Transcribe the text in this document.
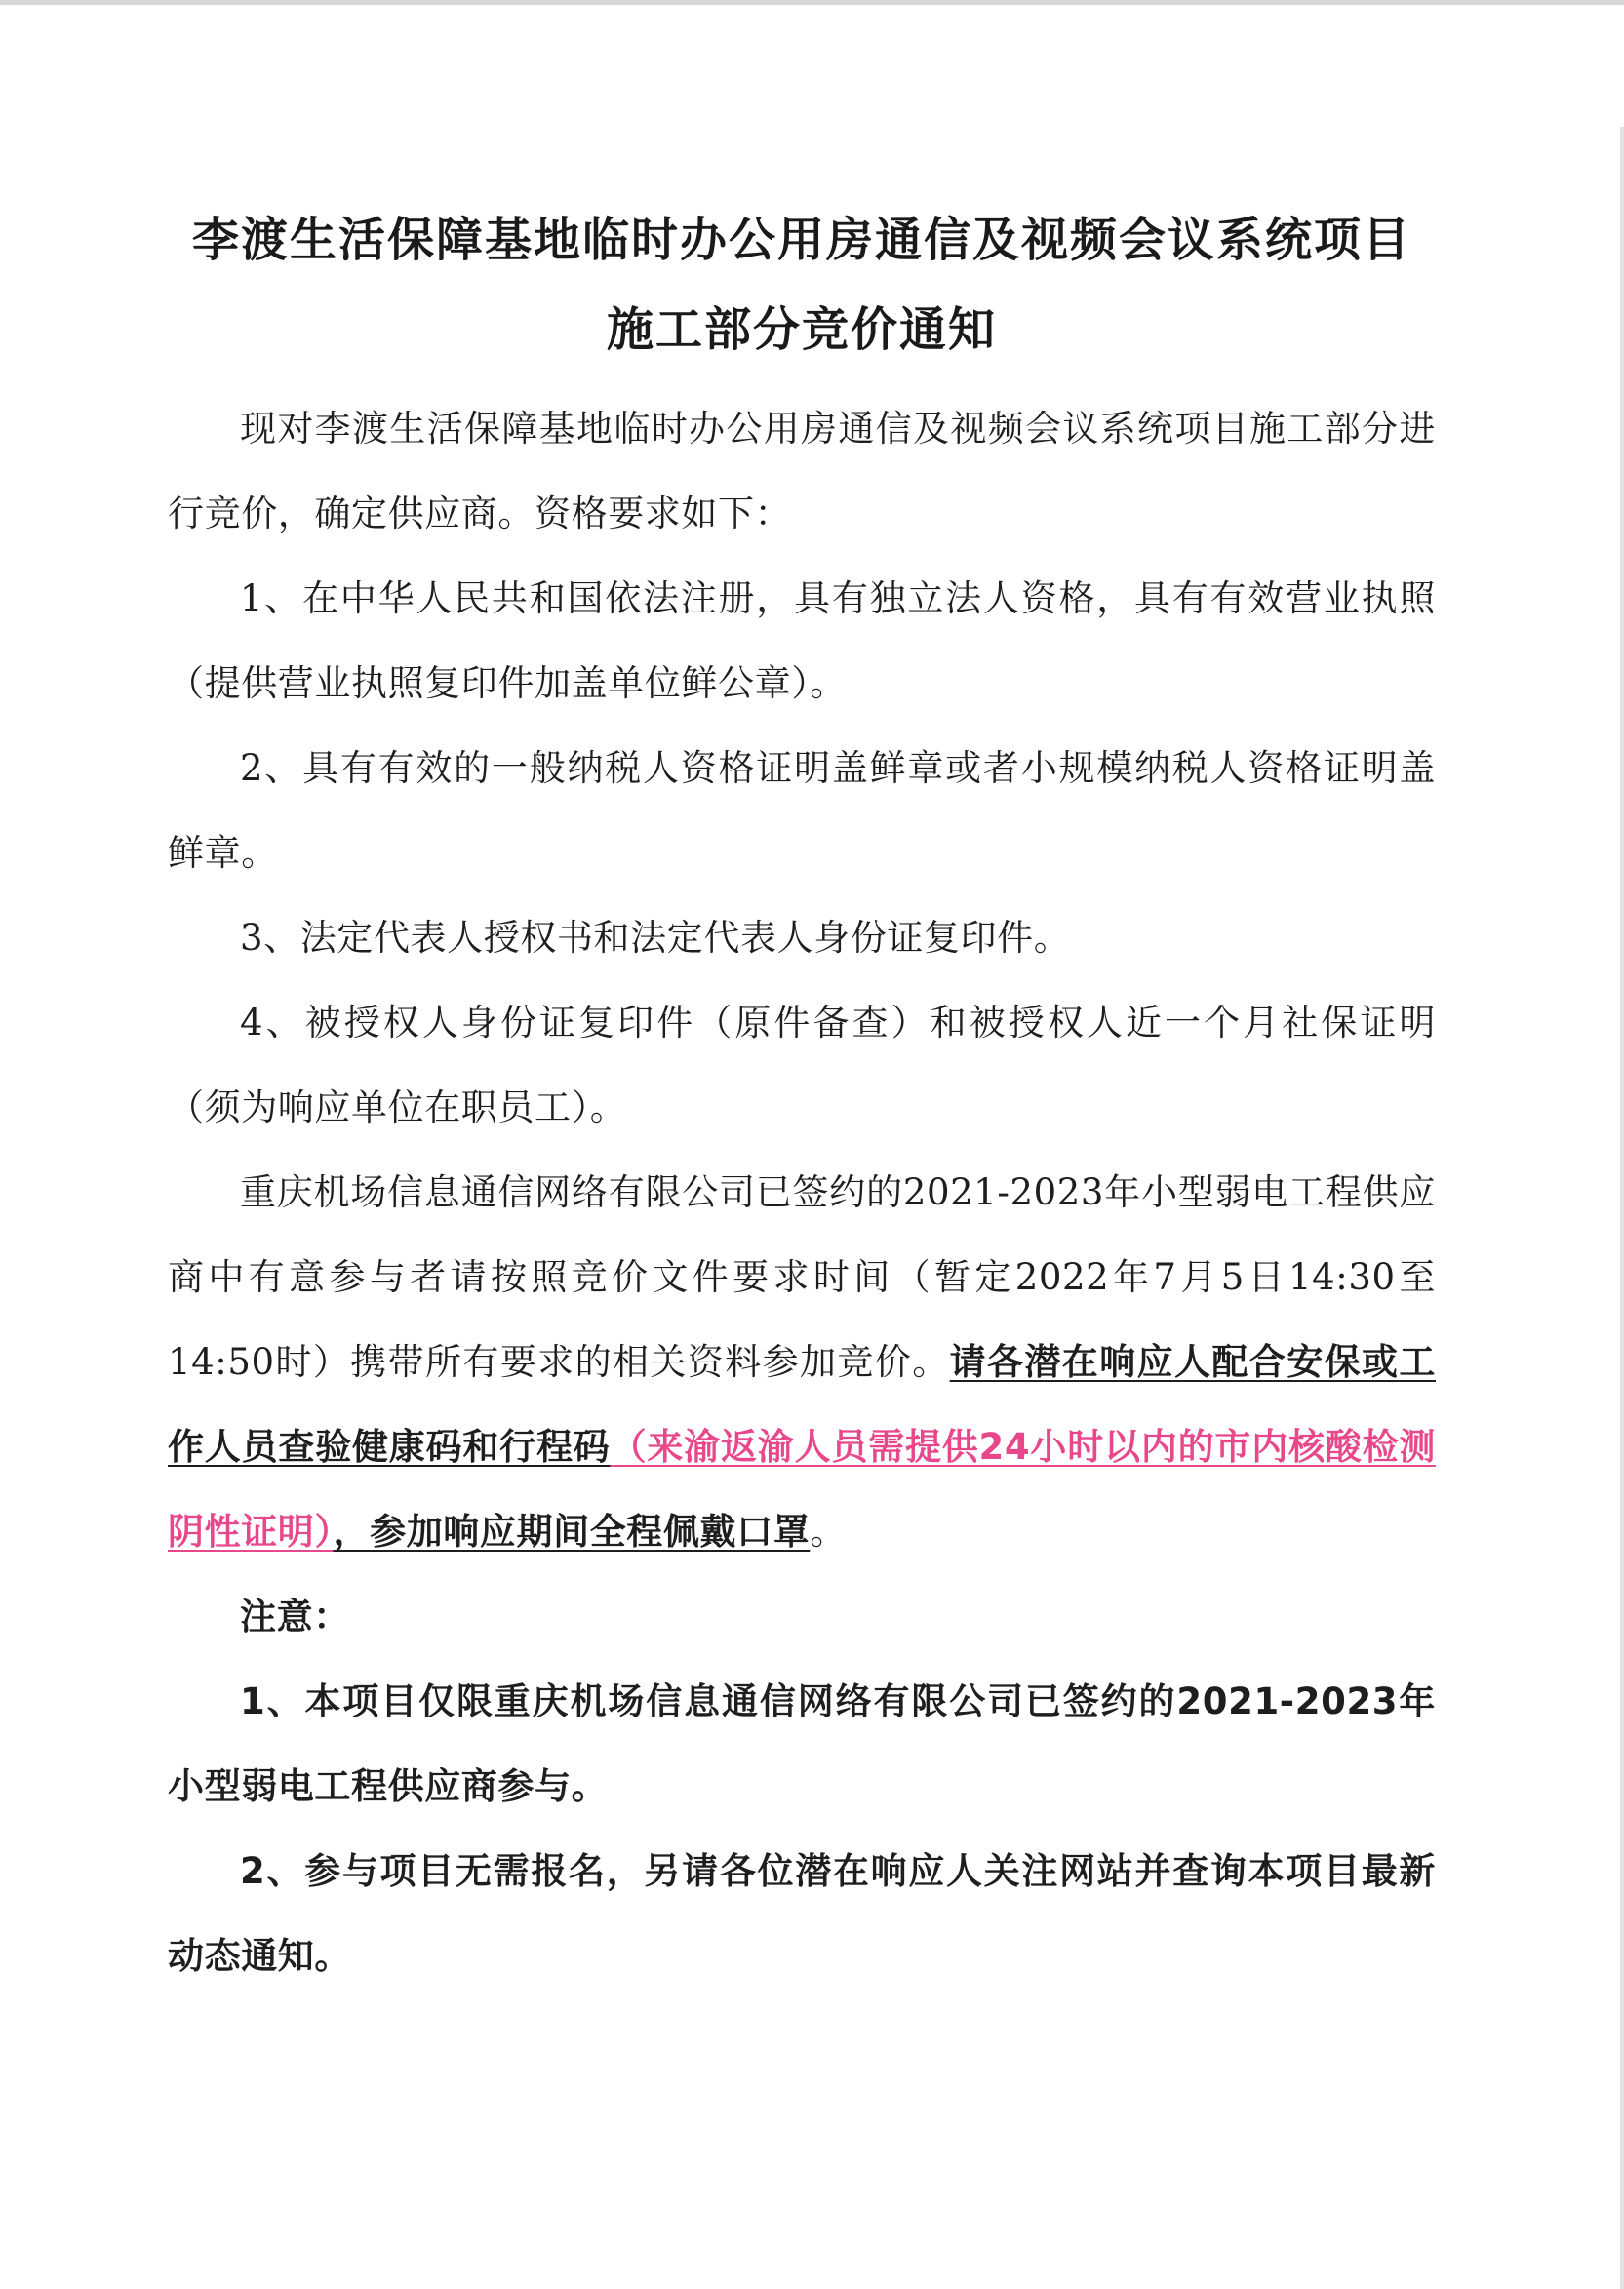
李渡生活保障基地临时办公用房通信及视频会议系统项目
施工部分竞价通知

现对李渡生活保障基地临时办公用房通信及视频会议系统项目施工部分进行竞价，确定供应商。资格要求如下：

1、在中华人民共和国依法注册，具有独立法人资格，具有有效营业执照（提供营业执照复印件加盖单位鲜公章）。

2、具有有效的一般纳税人资格证明盖鲜章或者小规模纳税人资格证明盖鲜章。

3、法定代表人授权书和法定代表人身份证复印件。

4、被授权人身份证复印件（原件备查）和被授权人近一个月社保证明（须为响应单位在职员工）。

重庆机场信息通信网络有限公司已签约的2021-2023年小型弱电工程供应商中有意参与者请按照竞价文件要求时间（暂定2022年7月5日14:30至14:50时）携带所有要求的相关资料参加竞价。请各潜在响应人配合安保或工作人员查验健康码和行程码（来渝返渝人员需提供24小时以内的市内核酸检测阴性证明），参加响应期间全程佩戴口罩。

注意：

1、本项目仅限重庆机场信息通信网络有限公司已签约的2021-2023年小型弱电工程供应商参与。

2、参与项目无需报名，另请各位潜在响应人关注网站并查询本项目最新动态通知。
